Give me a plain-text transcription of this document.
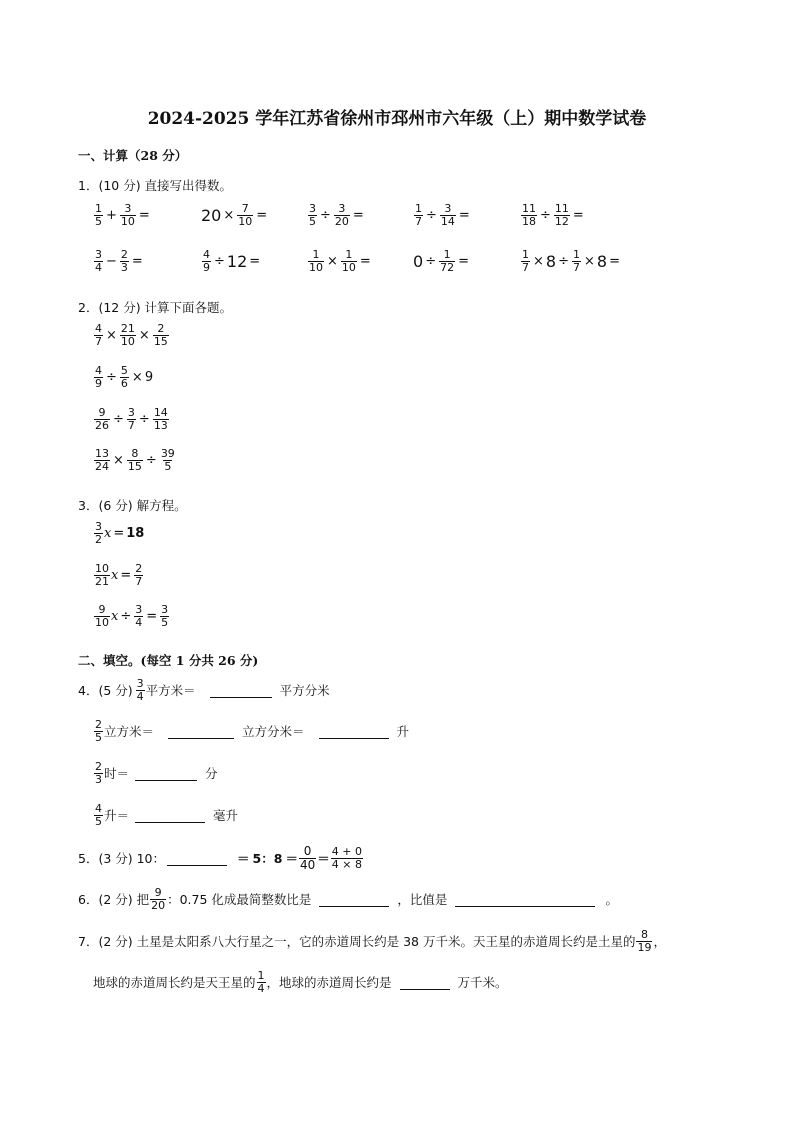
2024-2025 学年江苏省徐州市邳州市六年级（上）期中数学试卷
一、计算（28 分）
1．(10 分) 直接写出得数。
$\frac{1}{5} + \frac{3}{10}$ =	$20 \times \frac{7}{10}$ =	$\frac{3}{5} \div \frac{3}{20}$ =	$\frac{1}{7} \div \frac{3}{14}$ =	$\frac{11}{18} \div \frac{11}{12}$ =
$\frac{3}{4} - \frac{2}{3}$ =	$\frac{4}{9} \div 12$ =	$\frac{1}{10} \times \frac{1}{10}$ =	$0 \div \frac{1}{72}$ =	$\frac{1}{7} \times 8 \div \frac{1}{7} \times 8$ =
2．(12 分) 计算下面各题。
$\frac{4}{7} \times \frac{21}{10} \times \frac{2}{15}$
$\frac{4}{9} \div \frac{5}{6} \times 9$
$\frac{9}{26} \div \frac{3}{7} \div \frac{14}{13}$
$\frac{13}{24} \times \frac{8}{15} \div \frac{39}{5}$
3．(6 分) 解方程。
$\frac{3}{2}$ x = 18
$\frac{10}{21}$ $x = \frac{2}{7}$
$\frac{9}{10}$ $x \div \frac{3}{4} = \frac{3}{5}$
二、填空。(每空 1 分共 26 分)
4．(5 分) $\frac{3}{4}$ 平方米＝	平方分米
$\frac{2}{5}$ 立方米＝	立方分米＝	升
$\frac{2}{3}$ 时＝	分
$\frac{4}{5}$ 升＝	毫升
5．(3 分) 10：	＝ 5：$8 = \frac{0}{40} = \frac{4 + 0}{4 \times 8}$
6．(2 分) 把 $\frac{9}{20}$ ：0.75 化成最简整数比是	，比值是	。
7．(2 分) 土星是太阳系八大行星之一，它的赤道周长约是 38 万千米。天王星的赤道周长约是土星的 $\frac{8}{19}$ ，
地球的赤道周长约是天王星的 $\frac{1}{4}$ ，地球的赤道周长约是	万千米。
